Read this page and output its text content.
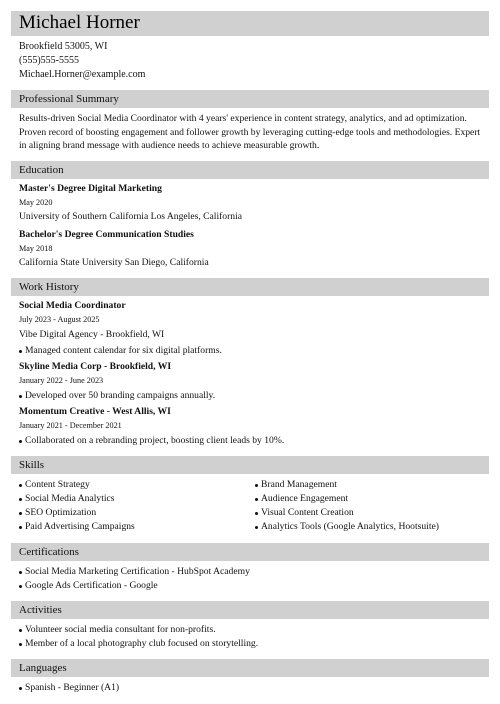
Michael Horner
Brookfield 53005, WI
(555)555-5555
Michael.Horner@example.com
Professional Summary
Results-driven Social Media Coordinator with 4 years' experience in content strategy, analytics, and ad optimization. Proven record of boosting engagement and follower growth by leveraging cutting-edge tools and methodologies. Expert in aligning brand message with audience needs to achieve measurable growth.
Education
Master's Degree Digital Marketing
May 2020
University of Southern California Los Angeles, California
Bachelor's Degree Communication Studies
May 2018
California State University San Diego, California
Work History
Social Media Coordinator
July 2023 - August 2025
Vibe Digital Agency - Brookfield, WI
Managed content calendar for six digital platforms.
Skyline Media Corp - Brookfield, WI
January 2022 - June 2023
Developed over 50 branding campaigns annually.
Momentum Creative - West Allis, WI
January 2021 - December 2021
Collaborated on a rebranding project, boosting client leads by 10%.
Skills
Content Strategy
Social Media Analytics
SEO Optimization
Paid Advertising Campaigns
Brand Management
Audience Engagement
Visual Content Creation
Analytics Tools (Google Analytics, Hootsuite)
Certifications
Social Media Marketing Certification - HubSpot Academy
Google Ads Certification - Google
Activities
Volunteer social media consultant for non-profits.
Member of a local photography club focused on storytelling.
Languages
Spanish - Beginner (A1)
